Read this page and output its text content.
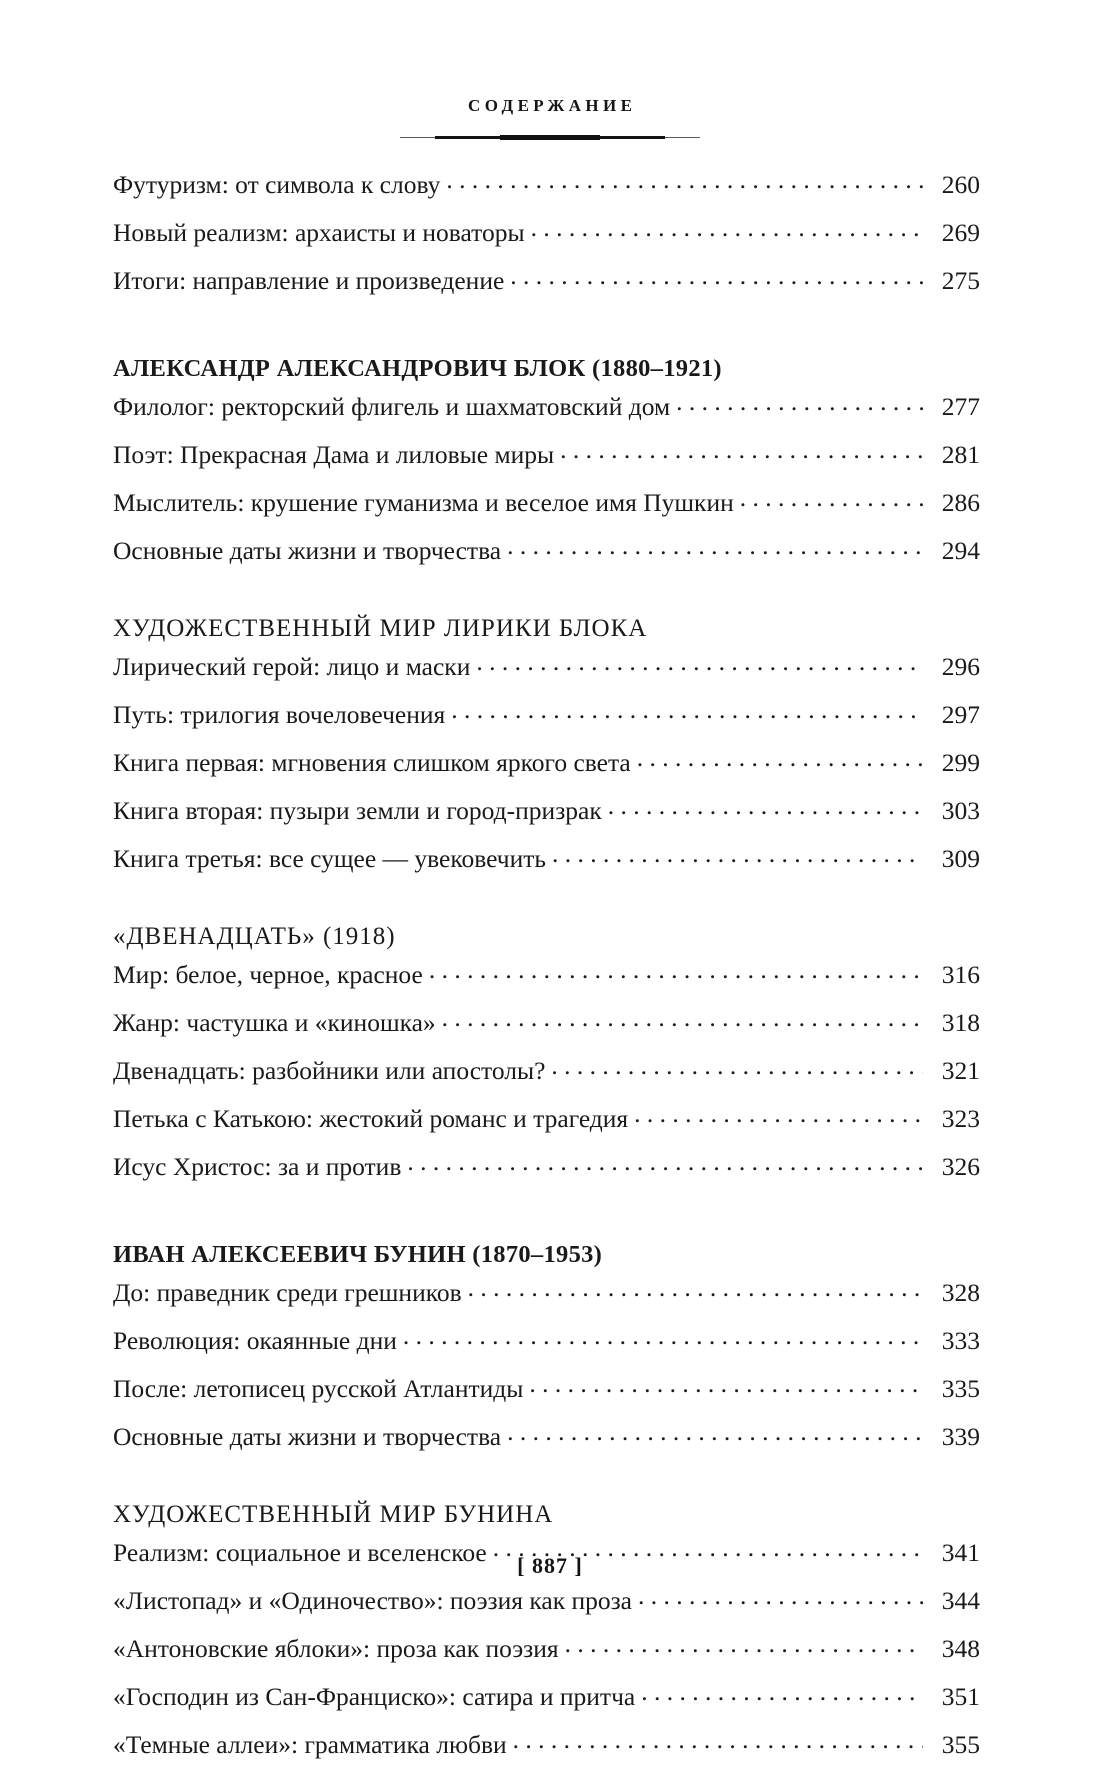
СОДЕРЖАНИЕ
Футуризм: от символа к слову . . .	260
Новый реализм: архаисты и новаторы . . .	269
Итоги: направление и произведение . . .	275
АЛЕКСАНДР АЛЕКСАНДРОВИЧ БЛОК (1880–1921)
Филолог: ректорский флигель и шахматовский дом . . .	277
Поэт: Прекрасная Дама и лиловые миры . . .	281
Мыслитель: крушение гуманизма и веселое имя Пушкин . . .	286
Основные даты жизни и творчества . . .	294
ХУДОЖЕСТВЕННЫЙ МИР ЛИРИКИ БЛОКА
Лирический герой: лицо и маски . . .	296
Путь: трилогия вочеловечения . . .	297
Книга первая: мгновения слишком яркого света . . .	299
Книга вторая: пузыри земли и город-призрак . . .	303
Книга третья: все сущее — увековечить . . .	309
«ДВЕНАДЦАТЬ» (1918)
Мир: белое, черное, красное . . .	316
Жанр: частушка и «киношка» . . .	318
Двенадцать: разбойники или апостолы? . . .	321
Петька с Катькою: жестокий романс и трагедия . . .	323
Исус Христос: за и против . . .	326
ИВАН АЛЕКСЕЕВИЧ БУНИН (1870–1953)
До: праведник среди грешников . . .	328
Революция: окаянные дни . . .	333
После: летописец русской Атлантиды . . .	335
Основные даты жизни и творчества . . .	339
ХУДОЖЕСТВЕННЫЙ МИР БУНИНА
Реализм: социальное и вселенское . . .	341
«Листопад» и «Одиночество»: поэзия как проза . . .	344
«Антоновские яблоки»: проза как поэзия . . .	348
«Господин из Сан-Франциско»: сатира и притча . . .	351
«Темные аллеи»: грамматика любви . . .	355
[ 887 ]
